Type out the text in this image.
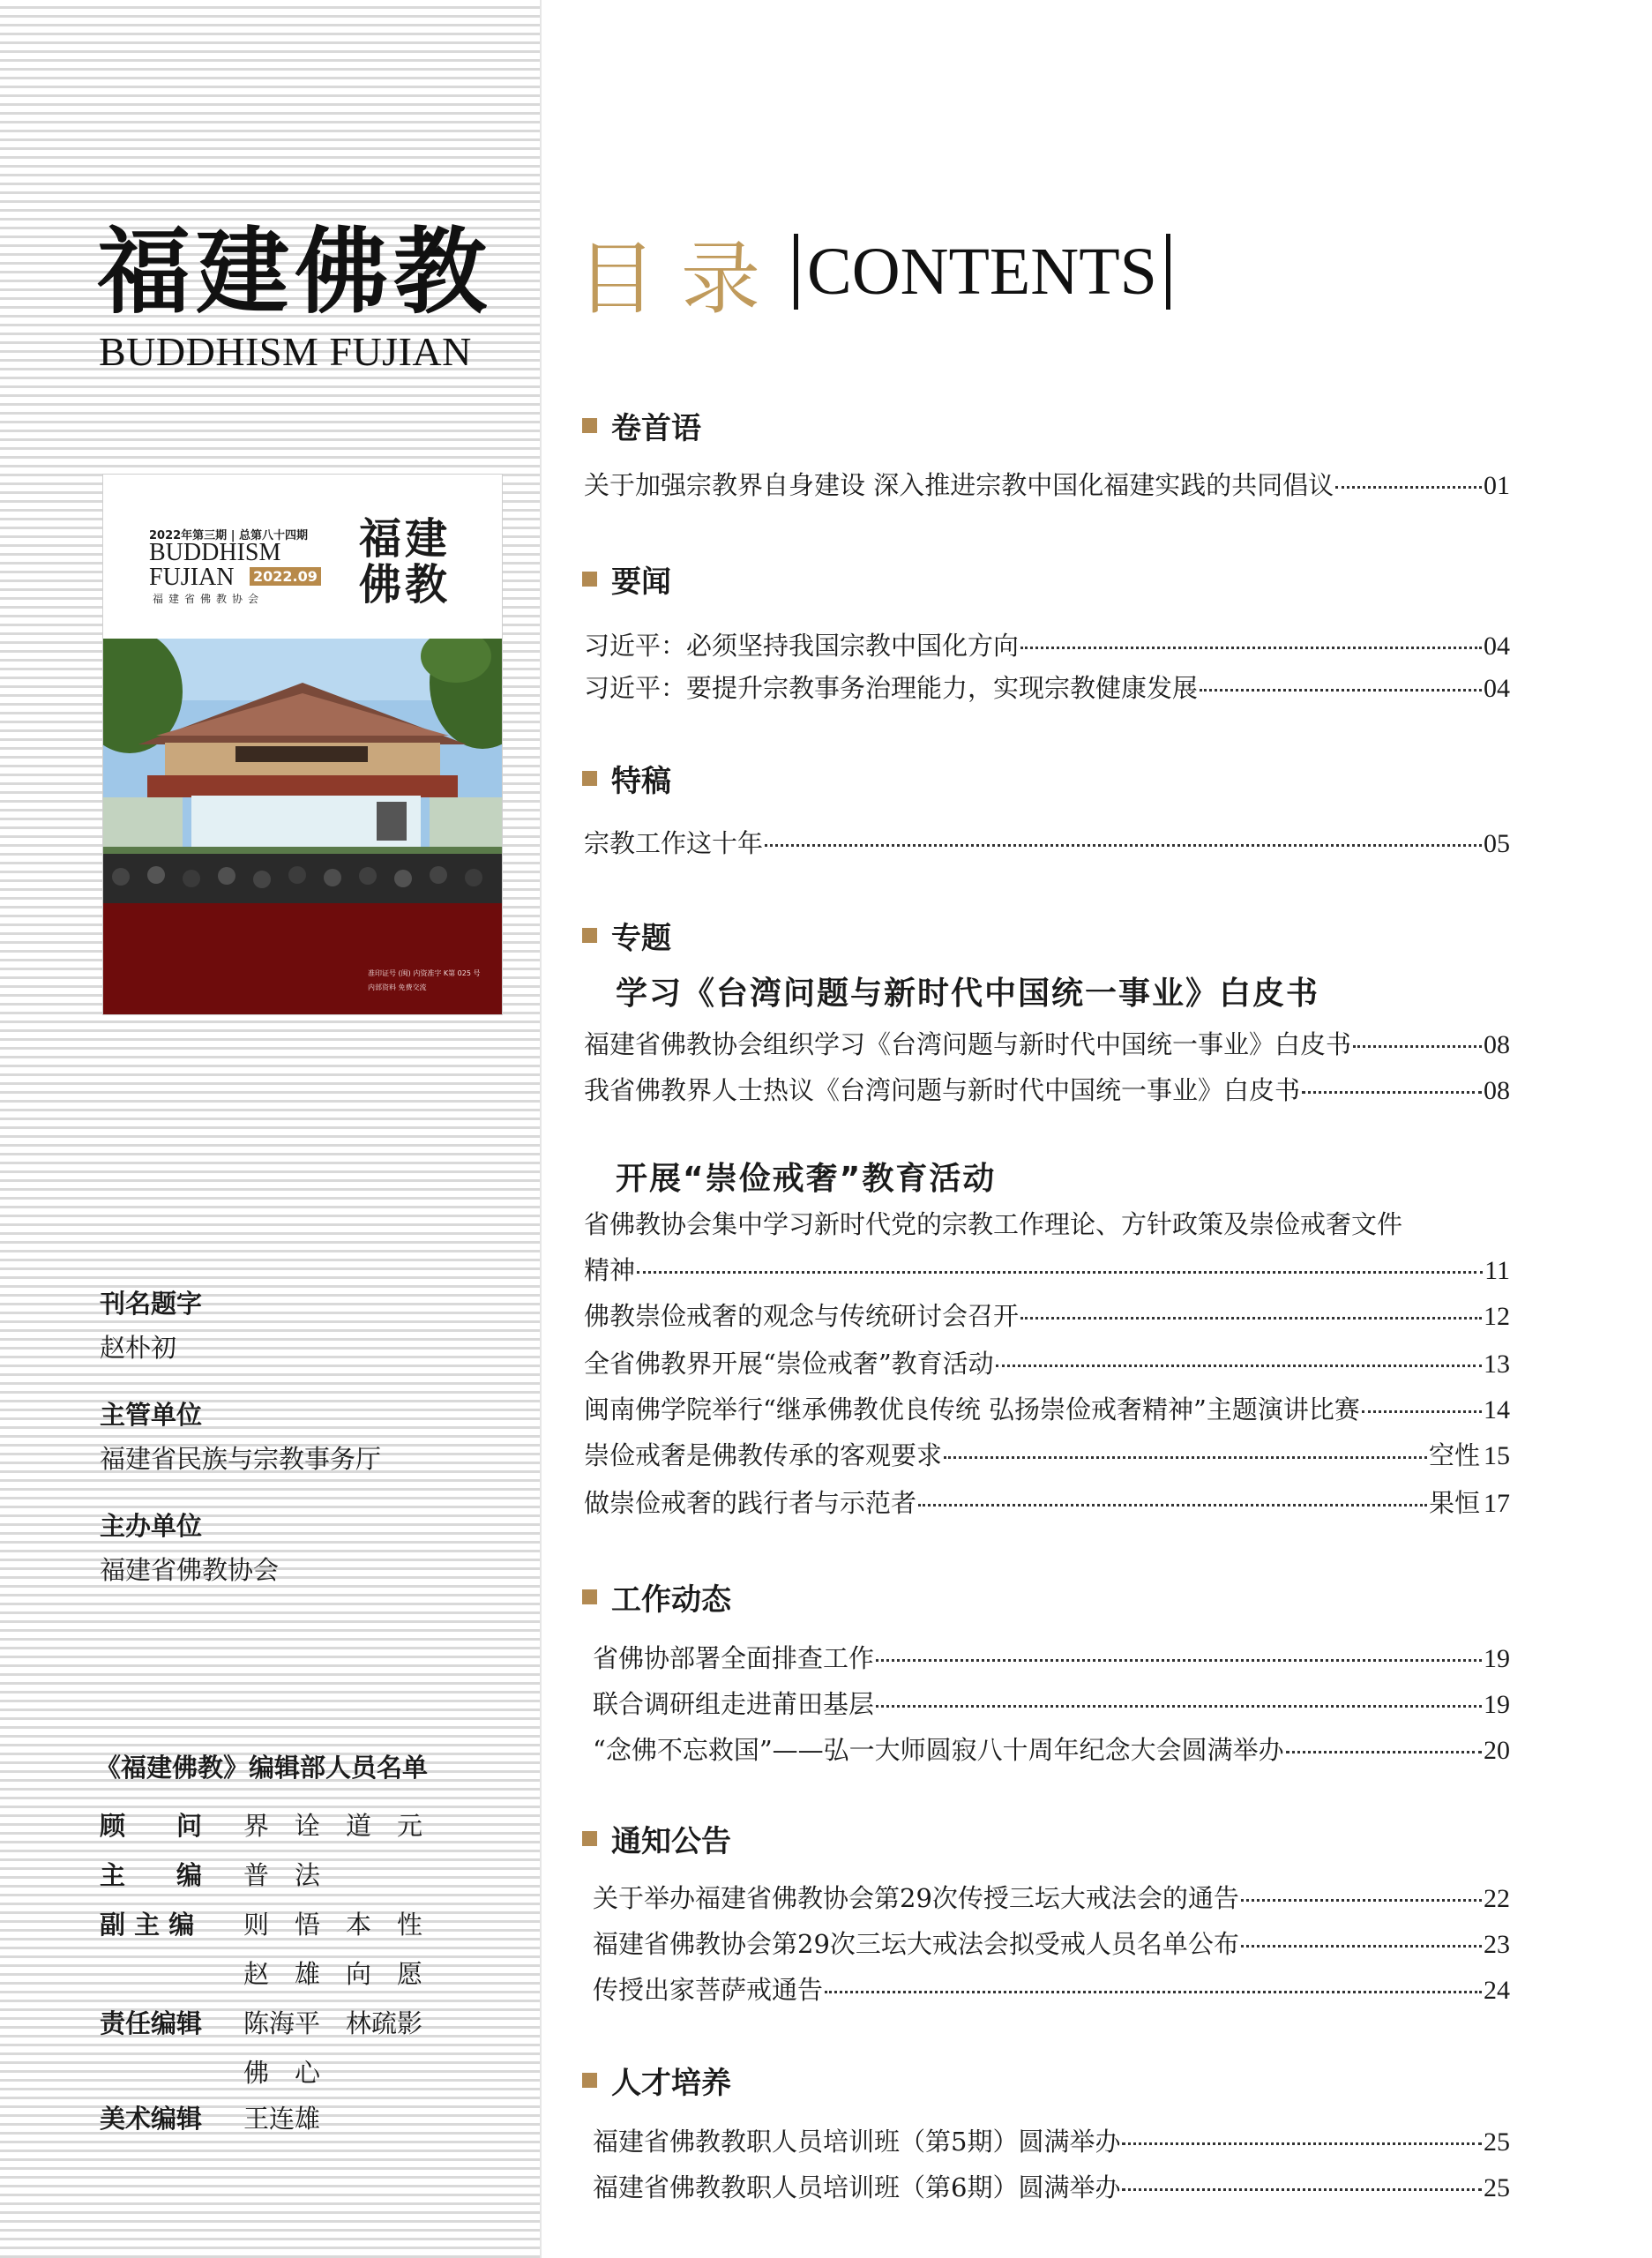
福建佛教
BUDDHISM FUJIAN
2022年第三期 | 总第八十四期
BUDDHISM
FUJIAN 2022.09
福建省佛教协会
福建佛教
准印证号 (闽) 内资准字 K第 025 号
内部资料 免费交流
刊名题字
赵朴初
主管单位
福建省民族与宗教事务厅
主办单位
福建省佛教协会
《福建佛教》编辑部人员名单
顾　　问	界　诠　道　元
主　　编	普　法
副 主 编	则　悟　本　性
赵　雄　向　愿
责任编辑	陈海平　林疏影
佛　心
美术编辑	王连雄
目录 CONTENTS
卷首语
关于加强宗教界自身建设 深入推进宗教中国化福建实践的共同倡议	01
要闻
习近平：必须坚持我国宗教中国化方向	04
习近平：要提升宗教事务治理能力，实现宗教健康发展	04
特稿
宗教工作这十年	05
专题
学习《台湾问题与新时代中国统一事业》白皮书
福建省佛教协会组织学习《台湾问题与新时代中国统一事业》白皮书	08
我省佛教界人士热议《台湾问题与新时代中国统一事业》白皮书	08
开展“崇俭戒奢”教育活动
省佛教协会集中学习新时代党的宗教工作理论、方针政策及崇俭戒奢文件
精神	11
佛教崇俭戒奢的观念与传统研讨会召开	12
全省佛教界开展“崇俭戒奢”教育活动	13
闽南佛学院举行“继承佛教优良传统 弘扬崇俭戒奢精神”主题演讲比赛	14
崇俭戒奢是佛教传承的客观要求	空性 15
做崇俭戒奢的践行者与示范者	果恒 17
工作动态
省佛协部署全面排查工作	19
联合调研组走进莆田基层	19
“念佛不忘救国”——弘一大师圆寂八十周年纪念大会圆满举办	20
通知公告
关于举办福建省佛教协会第29次传授三坛大戒法会的通告	22
福建省佛教协会第29次三坛大戒法会拟受戒人员名单公布	23
传授出家菩萨戒通告	24
人才培养
福建省佛教教职人员培训班（第5期）圆满举办	25
福建省佛教教职人员培训班（第6期）圆满举办	25
